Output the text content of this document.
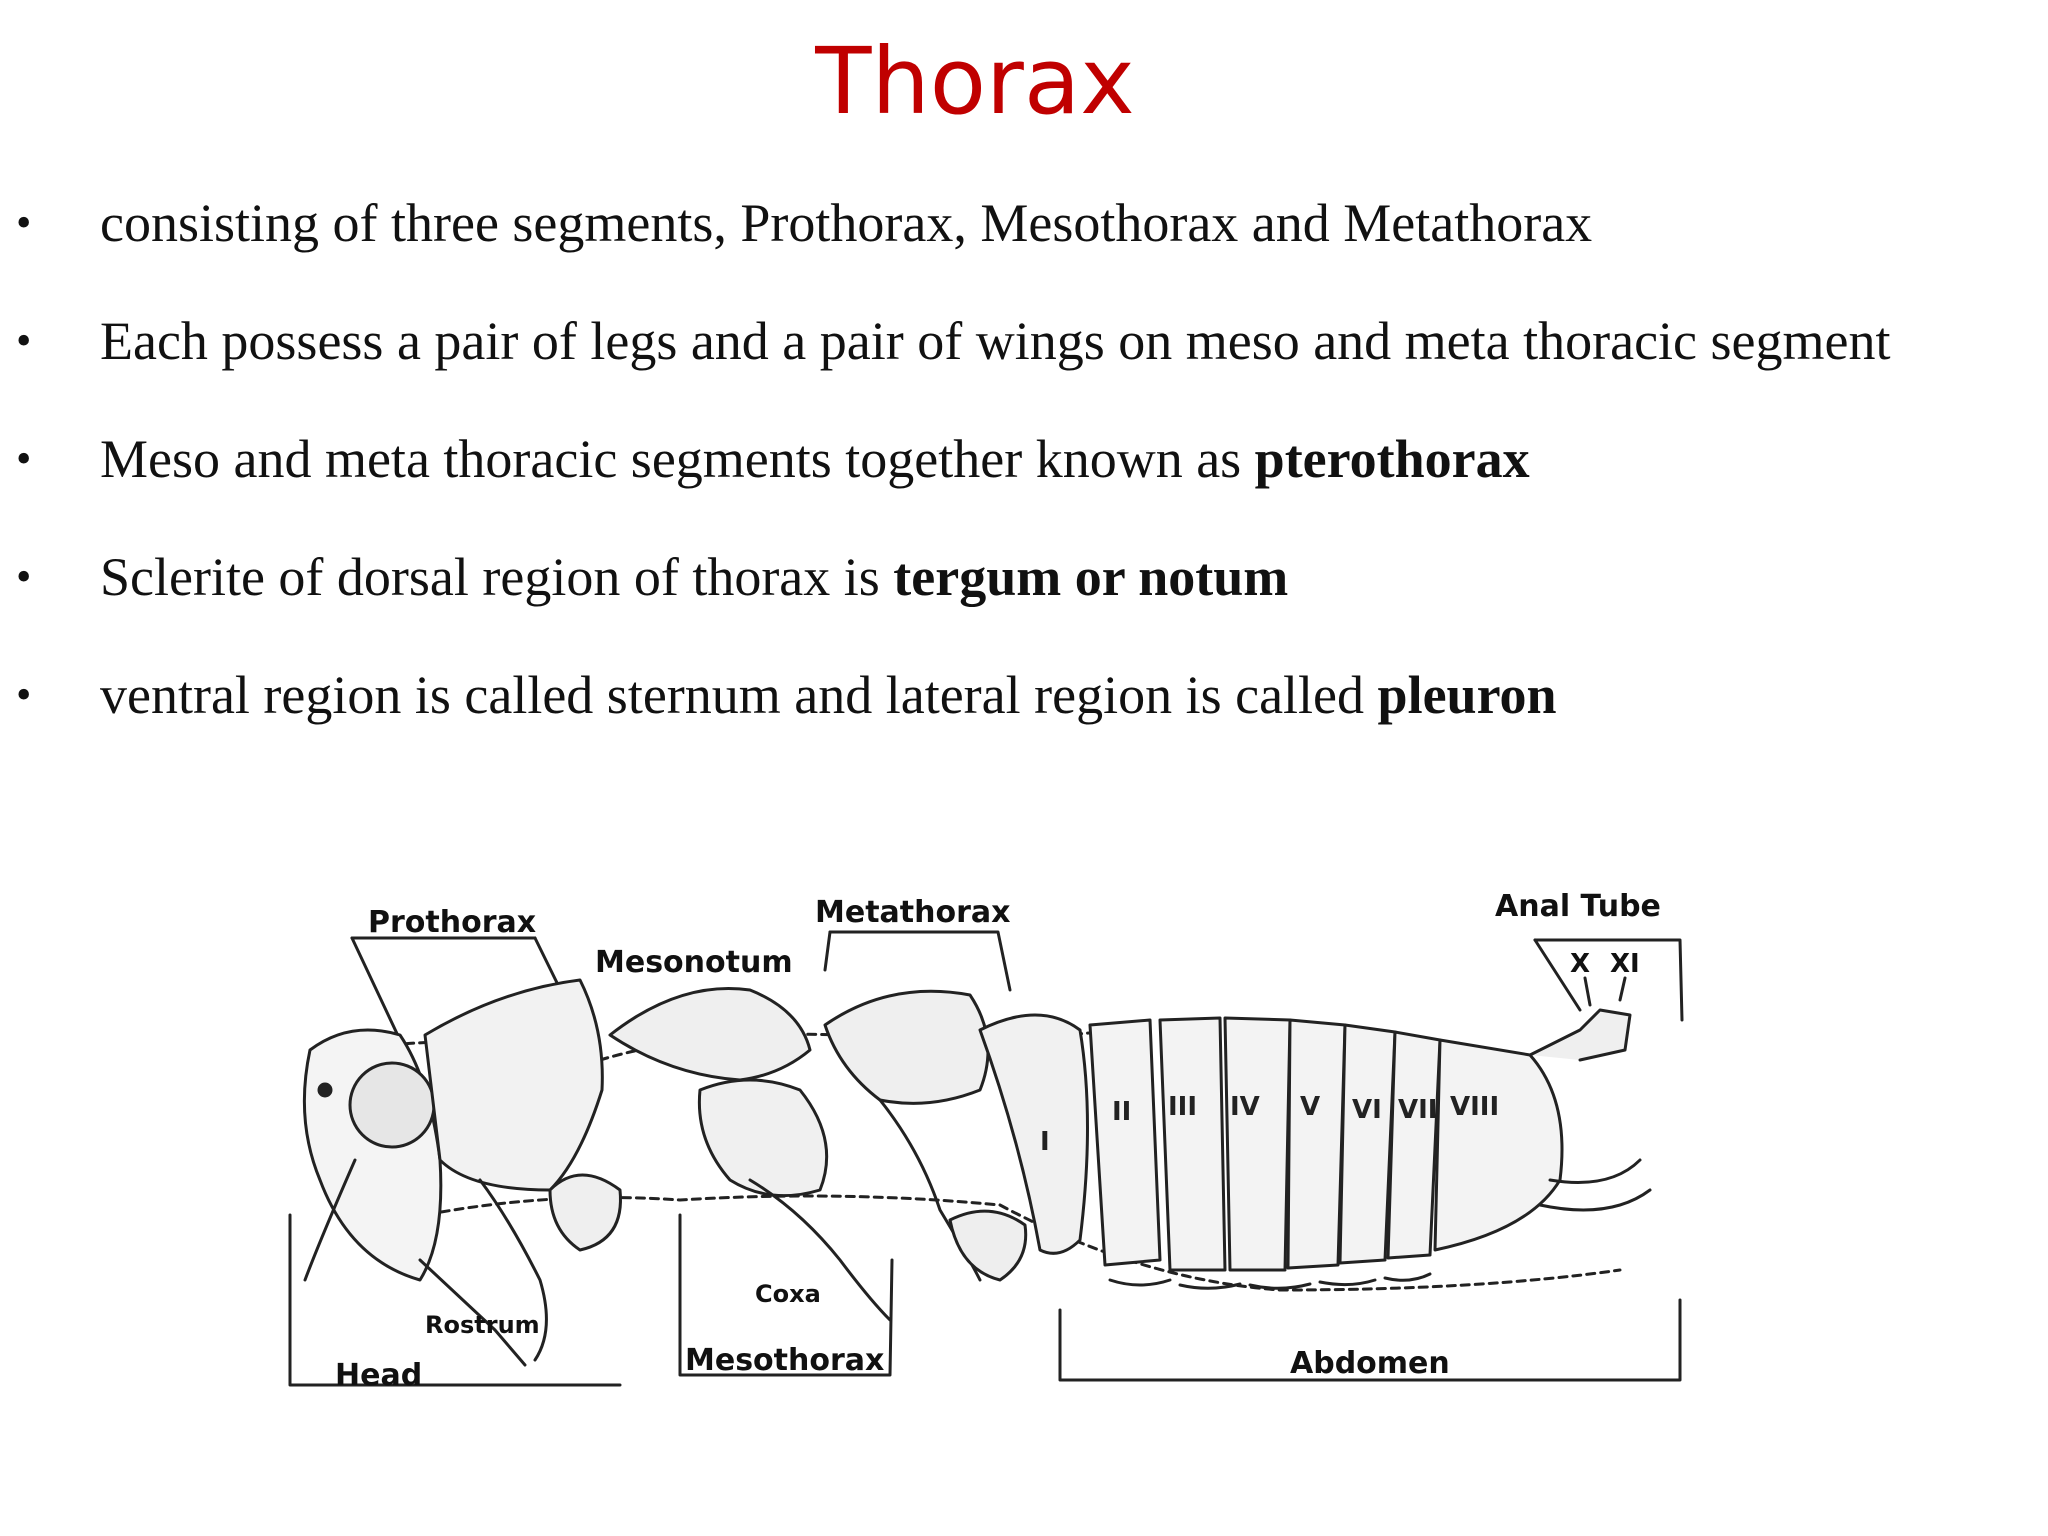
Thorax
• consisting of three segments, Prothorax, Mesothorax and Metathorax
• Each possess a pair of legs and a pair of wings on meso and meta thoracic segment
• Meso and meta thoracic segments together known as pterothorax
• Sclerite of dorsal region of thorax is tergum or notum
• ventral region is called sternum and lateral region is called pleuron
Prothorax	Metathorax
Mesonotum
Anal Tube
X XI
Head
Rostrum
Coxa
Mesothorax	Abdomen
I
II III IV V VI VII VIII
